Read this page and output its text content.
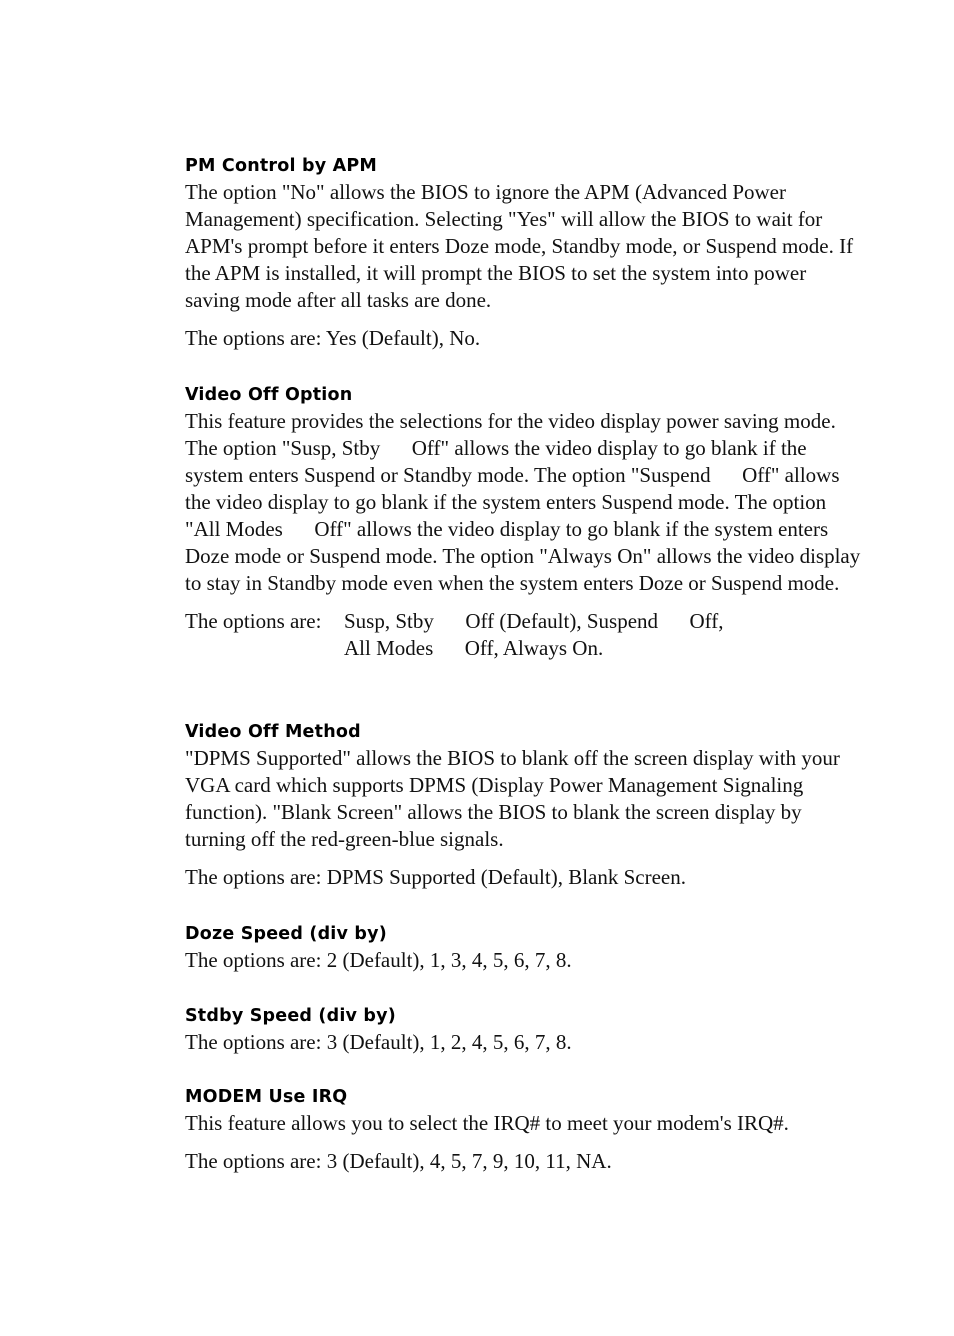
PM Control by APM

The option "No" allows the BIOS to ignore the APM (Advanced Power Management) specification. Selecting "Yes" will allow the BIOS to wait for APM's prompt before it enters Doze mode, Standby mode, or Suspend mode. If the APM is installed, it will prompt the BIOS to set the system into power saving mode after all tasks are done.

The options are: Yes (Default), No.

Video Off Option

This feature provides the selections for the video display power saving mode. The option "Susp, Stby      Off" allows the video display to go blank if the system enters Suspend or Standby mode. The option "Suspend      Off" allows the video display to go blank if the system enters Suspend mode. The option "All Modes      Off" allows the video display to go blank if the system enters Doze mode or Suspend mode. The option "Always On" allows the video display to stay in Standby mode even when the system enters Doze or Suspend mode.

The options are:	Susp, Stby      Off (Default), Suspend      Off,
All Modes      Off, Always On.
Video Off Method

"DPMS Supported" allows the BIOS to blank off the screen display with your VGA card which supports DPMS (Display Power Management Signaling function). "Blank Screen" allows the BIOS to blank the screen display by turning off the red-green-blue signals.

The options are: DPMS Supported (Default), Blank Screen.

Doze Speed (div by)

The options are: 2 (Default), 1, 3, 4, 5, 6, 7, 8.

Stdby Speed (div by)

The options are: 3 (Default), 1, 2, 4, 5, 6, 7, 8.

MODEM Use IRQ

This feature allows you to select the IRQ# to meet your modem's IRQ#.

The options are: 3 (Default), 4, 5, 7, 9, 10, 11, NA.
